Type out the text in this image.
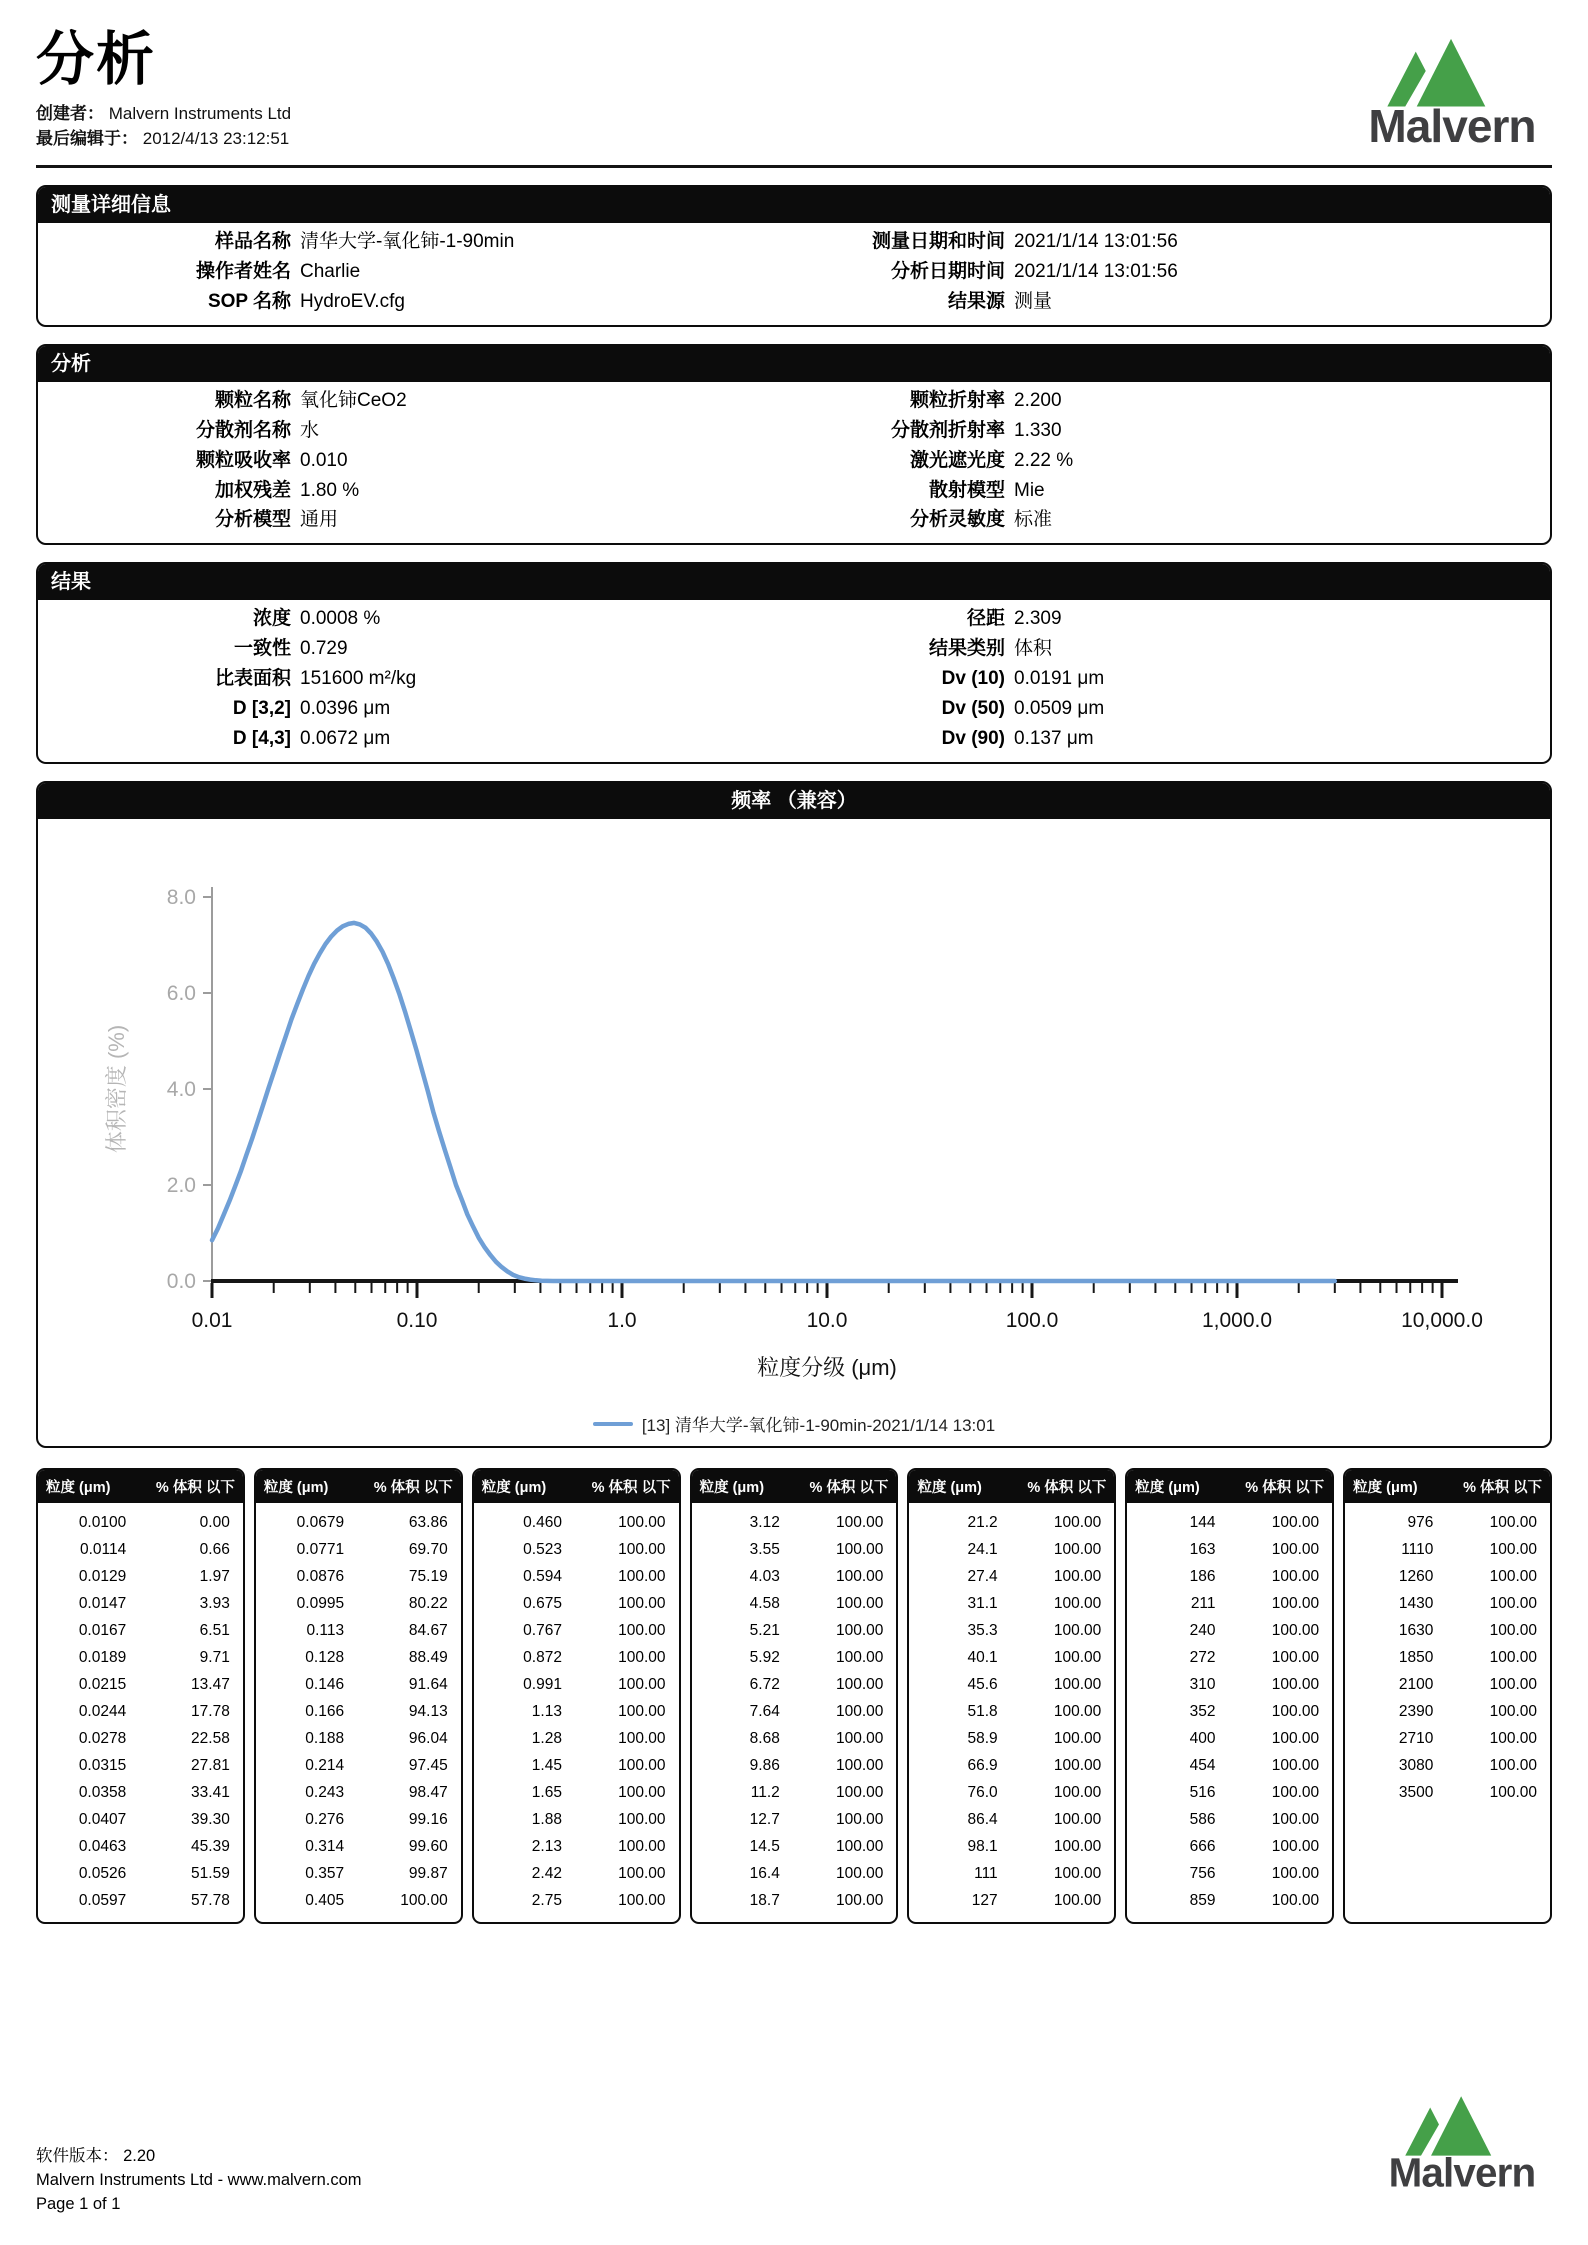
分析
创建者： Malvern Instruments Ltd
最后编辑于： 2012/4/13 23:12:51
测量详细信息
样品名称 清华大学-氧化铈-1-90min
操作者姓名 Charlie
SOP 名称 HydroEV.cfg
测量日期和时间 2021/1/14 13:01:56
分析日期时间 2021/1/14 13:01:56
结果源 测量
分析
颗粒名称 氧化铈CeO2
分散剂名称 水
颗粒吸收率 0.010
加权残差 1.80 %
分析模型 通用
颗粒折射率 2.200
分散剂折射率 1.330
激光遮光度 2.22 %
散射模型 Mie
分析灵敏度 标准
结果
浓度 0.0008 %
一致性 0.729
比表面积 151600 m²/kg
D [3,2] 0.0396 μm
D [4,3] 0.0672 μm
径距 2.309
结果类别 体积
Dv (10) 0.0191 μm
Dv (50) 0.0509 μm
Dv (90) 0.137 μm
频率 （兼容）
0.0
2.0
4.0
6.0
8.0
0.01	0.10	1.0	10.0	100.0	1,000.0	10,000.0
体积密度 (%)
粒度分级 (μm)
[13] 清华大学-氧化铈-1-90min-2021/1/14 13:01
粒度 (μm)	% 体积 以下
0.0100	0.00
0.0114	0.66
0.0129	1.97
0.0147	3.93
0.0167	6.51
0.0189	9.71
0.0215	13.47
0.0244	17.78
0.0278	22.58
0.0315	27.81
0.0358	33.41
0.0407	39.30
0.0463	45.39
0.0526	51.59
0.0597	57.78
粒度 (μm)	% 体积 以下
0.0679	63.86
0.0771	69.70
0.0876	75.19
0.0995	80.22
0.113	84.67
0.128	88.49
0.146	91.64
0.166	94.13
0.188	96.04
0.214	97.45
0.243	98.47
0.276	99.16
0.314	99.60
0.357	99.87
0.405	100.00
粒度 (μm)	% 体积 以下
0.460	100.00
0.523	100.00
0.594	100.00
0.675	100.00
0.767	100.00
0.872	100.00
0.991	100.00
1.13	100.00
1.28	100.00
1.45	100.00
1.65	100.00
1.88	100.00
2.13	100.00
2.42	100.00
2.75	100.00
粒度 (μm)	% 体积 以下
3.12	100.00
3.55	100.00
4.03	100.00
4.58	100.00
5.21	100.00
5.92	100.00
6.72	100.00
7.64	100.00
8.68	100.00
9.86	100.00
11.2	100.00
12.7	100.00
14.5	100.00
16.4	100.00
18.7	100.00
粒度 (μm)	% 体积 以下
21.2	100.00
24.1	100.00
27.4	100.00
31.1	100.00
35.3	100.00
40.1	100.00
45.6	100.00
51.8	100.00
58.9	100.00
66.9	100.00
76.0	100.00
86.4	100.00
98.1	100.00
111	100.00
127	100.00
粒度 (μm)	% 体积 以下
144	100.00
163	100.00
186	100.00
211	100.00
240	100.00
272	100.00
310	100.00
352	100.00
400	100.00
454	100.00
516	100.00
586	100.00
666	100.00
756	100.00
859	100.00
粒度 (μm)	% 体积 以下
976	100.00
1110	100.00
1260	100.00
1430	100.00
1630	100.00
1850	100.00
2100	100.00
2390	100.00
2710	100.00
3080	100.00
3500	100.00
Malvern
软件版本： 2.20
Malvern Instruments Ltd - www.malvern.com
Page 1 of 1
Malvern
